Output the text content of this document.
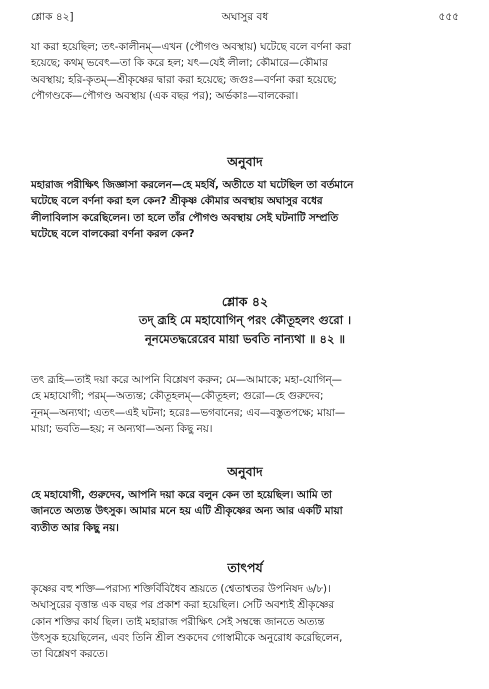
শ্লোক ৪২]	অঘাসুর বধ	৫৫৫

যা করা হয়েছিল; তৎ-কালীনম্—এখন (পৌগণ্ড অবস্থায়) ঘটেছে বলে বর্ণনা করা

হয়েছে; কথম্ ভবেৎ—তা কি করে হল; যৎ—যেই লীলা; কৌমারে—কৌমার

অবস্থায়; হরি-কৃতম্—শ্রীকৃষ্ণের দ্বারা করা হয়েছে; জগুঃ—বর্ণনা করা হয়েছে;

পৌগণ্ডকে—পৌগণ্ড অবস্থায় (এক বছর পর); অর্ভকাঃ—বালকেরা।

অনুবাদ

মহারাজ পরীক্ষিৎ জিজ্ঞাসা করলেন—হে মহর্ষি, অতীতে যা ঘটেছিল তা বর্তমানে

ঘটেছে বলে বর্ণনা করা হল কেন? শ্রীকৃষ্ণ কৌমার অবস্থায় অঘাসুর বধের

লীলাবিলাস করেছিলেন। তা হলে তাঁর পৌগণ্ড অবস্থায় সেই ঘটনাটি সম্প্রতি

ঘটেছে বলে বালকেরা বর্ণনা করল কেন?

শ্লোক ৪২

তদ্ ব্রূহি মে মহাযোগিন্ পরং কৌতূহলং গুরো ।

নূনমেতদ্ধরেরেব মায়া ভবতি নান্যথা ॥ ৪২ ॥

তৎ ব্রূহি—তাই দয়া করে আপনি বিশ্লেষণ করুন; মে—আমাকে; মহা-যোগিন্—

হে মহাযোগী; পরম্—অত্যন্ত; কৌতূহলম্—কৌতূহল; গুরো—হে গুরুদেব;

নূনম্—অন্যথা; এতৎ—এই ঘটনা; হরেঃ—ভগবানের; এব—বস্তুতপক্ষে; মায়া—

মায়া; ভবতি—হয়; ন অন্যথা—অন্য কিছু নয়।

অনুবাদ

হে মহাযোগী, গুরুদেব, আপনি দয়া করে বলুন কেন তা হয়েছিল। আমি তা

জানতে অত্যন্ত উৎসুক। আমার মনে হয় এটি শ্রীকৃষ্ণের অন্য আর একটি মায়া

ব্যতীত আর কিছু নয়।

তাৎপর্য

কৃষ্ণের বহু শক্তি—পরাস্য শক্তির্বিবিধৈব শ্রূয়তে (শ্বেতাশ্বতর উপনিষদ ৬/৮)।

অঘাসুরের বৃত্তান্ত এক বছর পর প্রকাশ করা হয়েছিল। সেটি অবশ্যই শ্রীকৃষ্ণের

কোন শক্তির কার্য ছিল। তাই মহারাজ পরীক্ষিৎ সেই সম্বন্ধে জানতে অত্যন্ত

উৎসুক হয়েছিলেন, এবং তিনি শ্রীল শুকদেব গোস্বামীকে অনুরোধ করেছিলেন,

তা বিশ্লেষণ করতে।
